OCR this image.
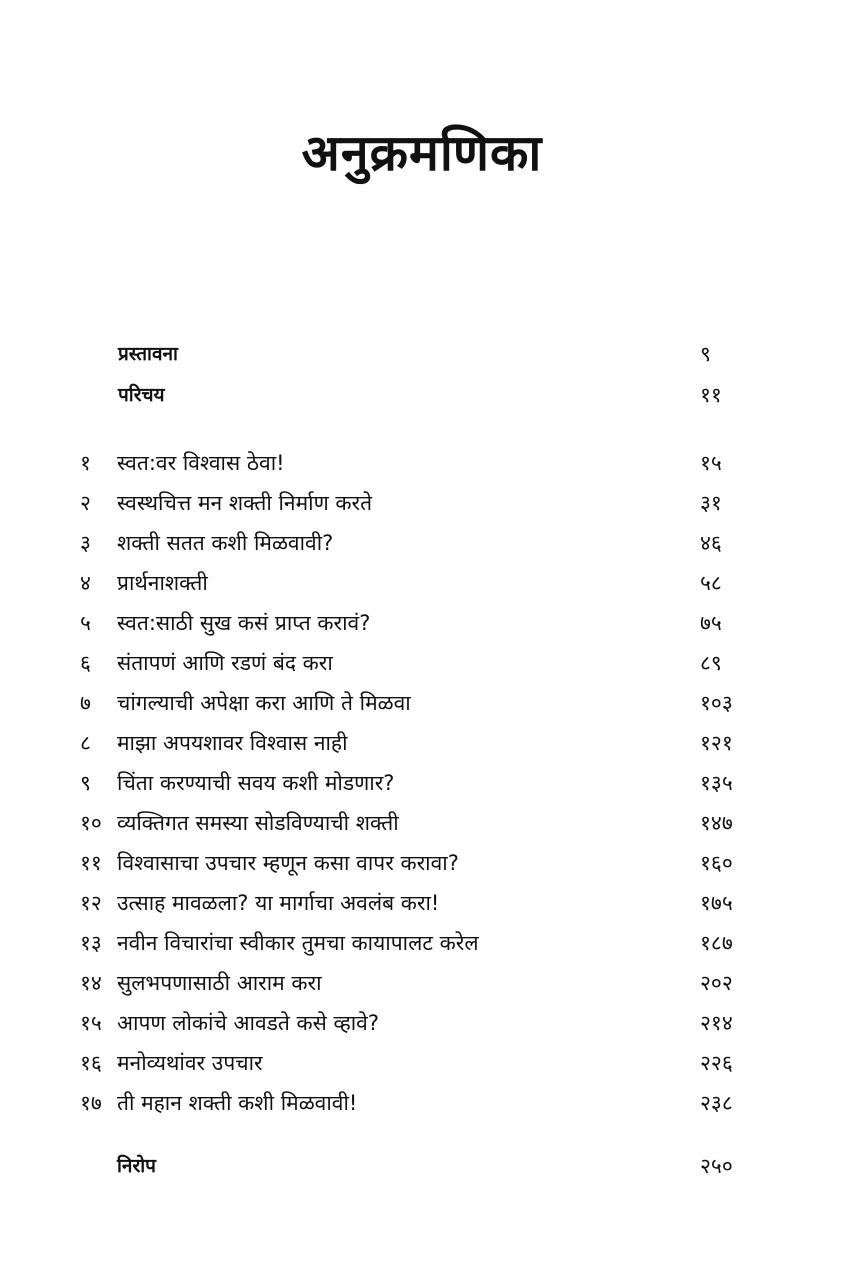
अनुक्रमणिका
प्रस्तावना	९
परिचय	११
१	स्वत:वर विश्वास ठेवा!	१५
२	स्वस्थचित्त मन शक्ती निर्माण करते	३१
३	शक्ती सतत कशी मिळवावी?	४६
४	प्रार्थनाशक्ती	५८
५	स्वत:साठी सुख कसं प्राप्त करावं?	७५
६	संतापणं आणि रडणं बंद करा	८९
७	चांगल्याची अपेक्षा करा आणि ते मिळवा	१०३
८	माझा अपयशावर विश्वास नाही	१२१
९	चिंता करण्याची सवय कशी मोडणार?	१३५
१० व्यक्तिगत समस्या सोडविण्याची शक्ती	१४७
११ विश्वासाचा उपचार म्हणून कसा वापर करावा?	१६०
१२ उत्साह मावळला? या मार्गाचा अवलंब करा!	१७५
१३ नवीन विचारांचा स्वीकार तुमचा कायापालट करेल	१८७
१४ सुलभपणासाठी आराम करा	२०२
१५ आपण लोकांचे आवडते कसे व्हावे?	२१४
१६ मनोव्यथांवर उपचार	२२६
१७ ती महान शक्ती कशी मिळवावी!	२३८
निरोप	२५०
